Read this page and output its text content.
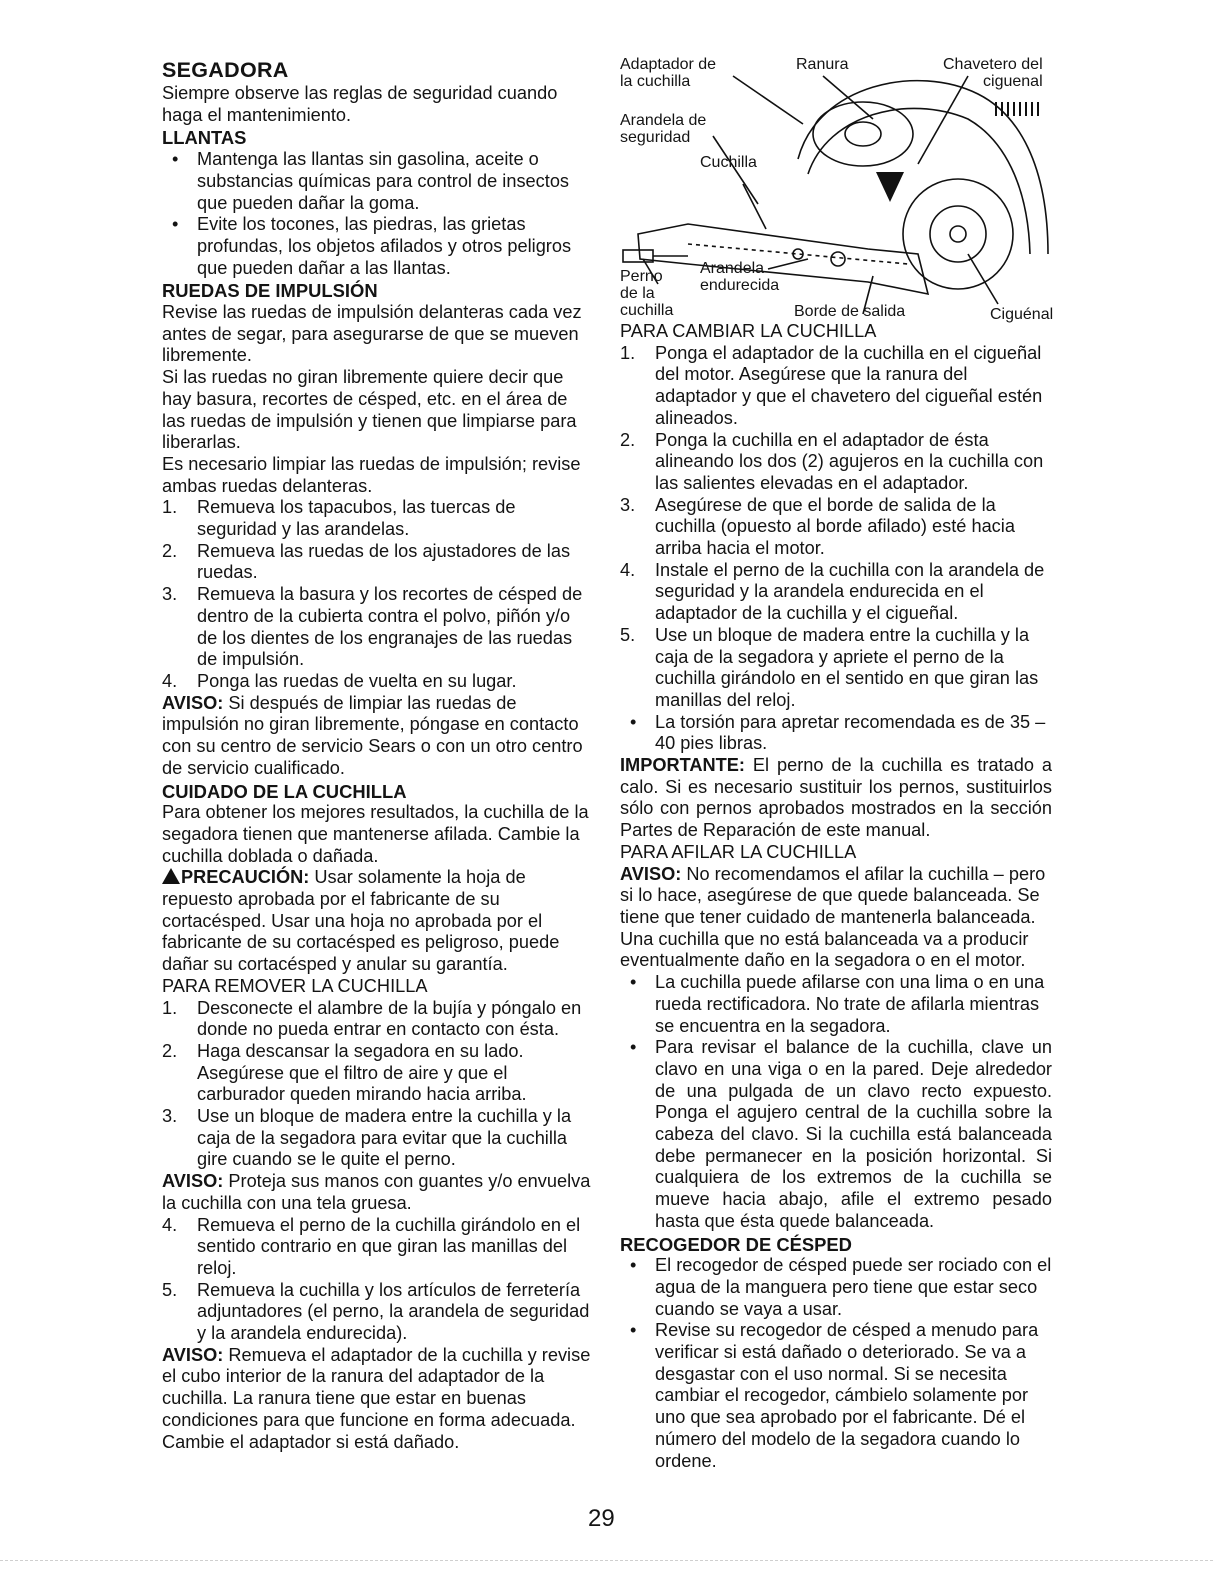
SEGADORA

Siempre observe las reglas de seguridad cuando haga el mantenimiento.

LLANTAS
•	Mantenga las llantas sin gasolina, aceite o substancias químicas para control de insectos que pueden dañar la goma.
•	Evite los tocones, las piedras, las grietas profundas, los objetos afilados y otros peligros que pueden dañar a las llantas.
RUEDAS DE IMPULSIÓN

Revise las ruedas de impulsión delanteras cada vez antes de segar, para asegurarse de que se mueven libremente.

Si las ruedas no giran libremente quiere decir que hay basura, recortes de césped, etc. en el área de las ruedas de impulsión y tienen que limpiarse para liberarlas.

Es necesario limpiar las ruedas de impulsión; revise ambas ruedas delanteras.

1.	Remueva los tapacubos, las tuercas de seguridad y las arandelas.
2.	Remueva las ruedas de los ajustadores de las ruedas.
3.	Remueva la basura y los recortes de césped de dentro de la cubierta contra el polvo, piñón y/o de los dientes de los engranajes de las ruedas de impulsión.
4.	Ponga las ruedas de vuelta en su lugar.

AVISO: Si después de limpiar las ruedas de impulsión no giran libremente, póngase en contacto con su centro de servicio Sears o con un otro centro de servicio cualificado.

CUIDADO DE LA CUCHILLA

Para obtener los mejores resultados, la cuchilla de la segadora tienen que mantenerse afilada. Cambie la cuchilla doblada o dañada.

PRECAUCIÓN: Usar solamente la hoja de repuesto aprobada por el fabricante de su cortacésped. Usar una hoja no aprobada por el fabricante de su cortacésped es peligroso, puede dañar su cortacésped y anular su garantía.

PARA REMOVER LA CUCHILLA
1.	Desconecte el alambre de la bujía y póngalo en donde no pueda entrar en contacto con ésta.
2.	Haga descansar la segadora en su lado. Asegúrese que el filtro de aire y que el carburador queden mirando hacia arriba.
3.	Use un bloque de madera entre la cuchilla y la caja de la segadora para evitar que la cuchilla gire cuando se le quite el perno.

AVISO: Proteja sus manos con guantes y/o envuelva la cuchilla con una tela gruesa.

4.	Remueva el perno de la cuchilla girándolo en el sentido contrario en que giran las manillas del reloj.
5.	Remueva la cuchilla y los artículos de ferretería adjuntadores (el perno, la arandela de seguridad y la arandela endurecida).

AVISO: Remueva el adaptador de la cuchilla y revise el cubo interior de la ranura del adaptador de la cuchilla. La ranura tiene que estar en buenas condiciones para que funcione en forma adecuada. Cambie el adaptador si está dañado.

Adaptador de
la cuchilla
Ranura	Chavetero del
ciguenal
Arandela de
seguridad
Cuchilla
Perno
de la
cuchilla
Arandela
endurecida
Borde de salida	Ciguénal
PARA CAMBIAR LA CUCHILLA
1.	Ponga el adaptador de la cuchilla en el cigueñal del motor. Asegúrese que la ranura del adaptador y que el chavetero del cigueñal estén alineados.
2.	Ponga la cuchilla en el adaptador de ésta alineando los dos (2) agujeros en la cuchilla con las salientes elevadas en el adaptador.
3.	Asegúrese de que el borde de salida de la cuchilla (opuesto al borde afilado) esté hacia arriba hacia el motor.
4.	Instale el perno de la cuchilla con la arandela de seguridad y la arandela endurecida en el adaptador de la cuchilla y el cigueñal.
5.	Use un bloque de madera entre la cuchilla y la caja de la segadora y apriete el perno de la cuchilla girándolo en el sentido en que giran las manillas del reloj.
•	La torsión para apretar recomendada es de 35 – 40 pies libras.

IMPORTANTE: El perno de la cuchilla es tratado a calo. Si es necesario sustituir los pernos, sustituirlos sólo con pernos aprobados mostrados en la sección Partes de Reparación de este manual.

PARA AFILAR LA CUCHILLA

AVISO: No recomendamos el afilar la cuchilla – pero si lo hace, asegúrese de que quede balanceada. Se tiene que tener cuidado de mantenerla balanceada. Una cuchilla que no está balanceada va a producir eventualmente daño en la segadora o en el motor.

•	La cuchilla puede afilarse con una lima o en una rueda rectificadora. No trate de afilarla mientras se encuentra en la segadora.
•	Para revisar el balance de la cuchilla, clave un clavo en una viga o en la pared. Deje alrededor de una pulgada de un clavo recto expuesto. Ponga el agujero central de la cuchilla sobre la cabeza del clavo. Si la cuchilla está balanceada debe permanecer en la posición horizontal. Si cualquiera de los extremos de la cuchilla se mueve hacia abajo, afile el extremo pesado hasta que ésta quede balanceada.
RECOGEDOR DE CÉSPED
•	El recogedor de césped puede ser rociado con el agua de la manguera pero tiene que estar seco cuando se vaya a usar.
•	Revise su recogedor de césped a menudo para verificar si está dañado o deteriorado. Se va a desgastar con el uso normal. Si se necesita cambiar el recogedor, cámbielo solamente por uno que sea aprobado por el fabricante. Dé el número del modelo de la segadora cuando lo ordene.
29
